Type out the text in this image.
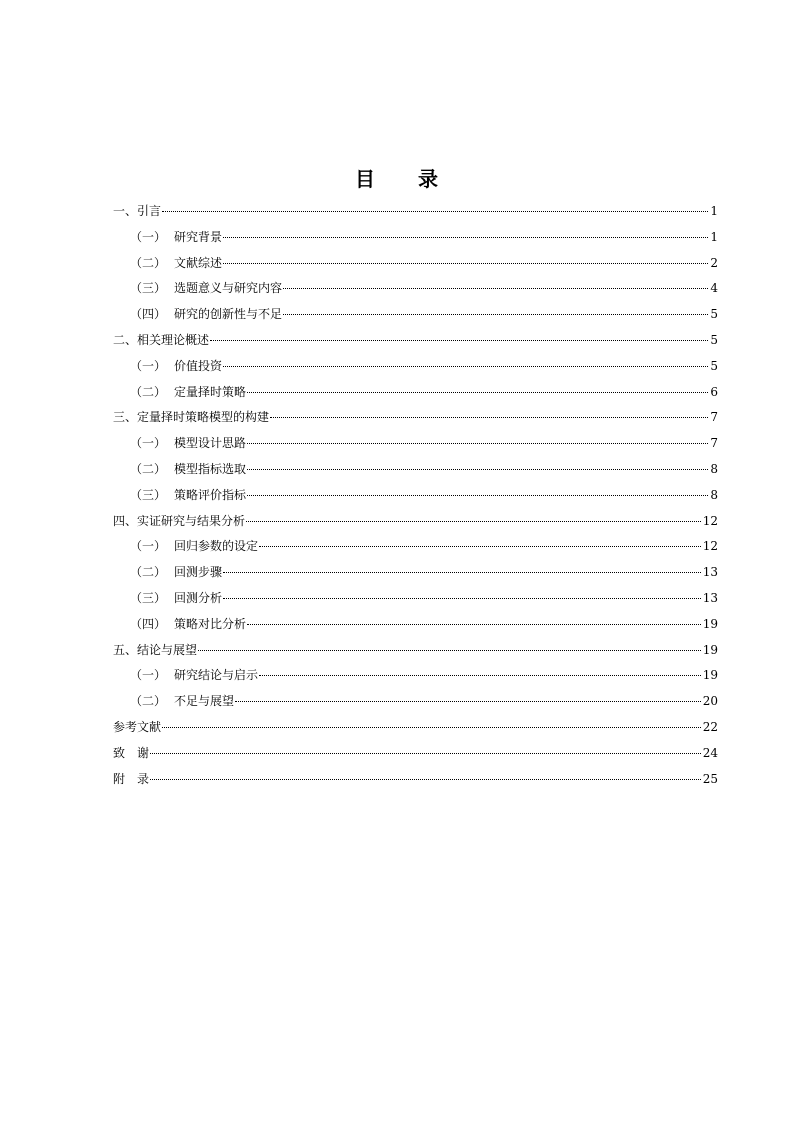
目 录
一、引言	1
（一） 研究背景	1
（二） 文献综述	2
（三） 选题意义与研究内容	4
（四） 研究的创新性与不足	5
二、相关理论概述	5
（一） 价值投资	5
（二） 定量择时策略	6
三、定量择时策略模型的构建	7
（一） 模型设计思路	7
（二） 模型指标选取	8
（三） 策略评价指标	8
四、实证研究与结果分析	12
（一） 回归参数的设定	12
（二） 回测步骤	13
（三） 回测分析	13
（四） 策略对比分析	19
五、结论与展望	19
（一） 研究结论与启示	19
（二） 不足与展望	20
参考文献	22
致　谢	24
附　录	25
